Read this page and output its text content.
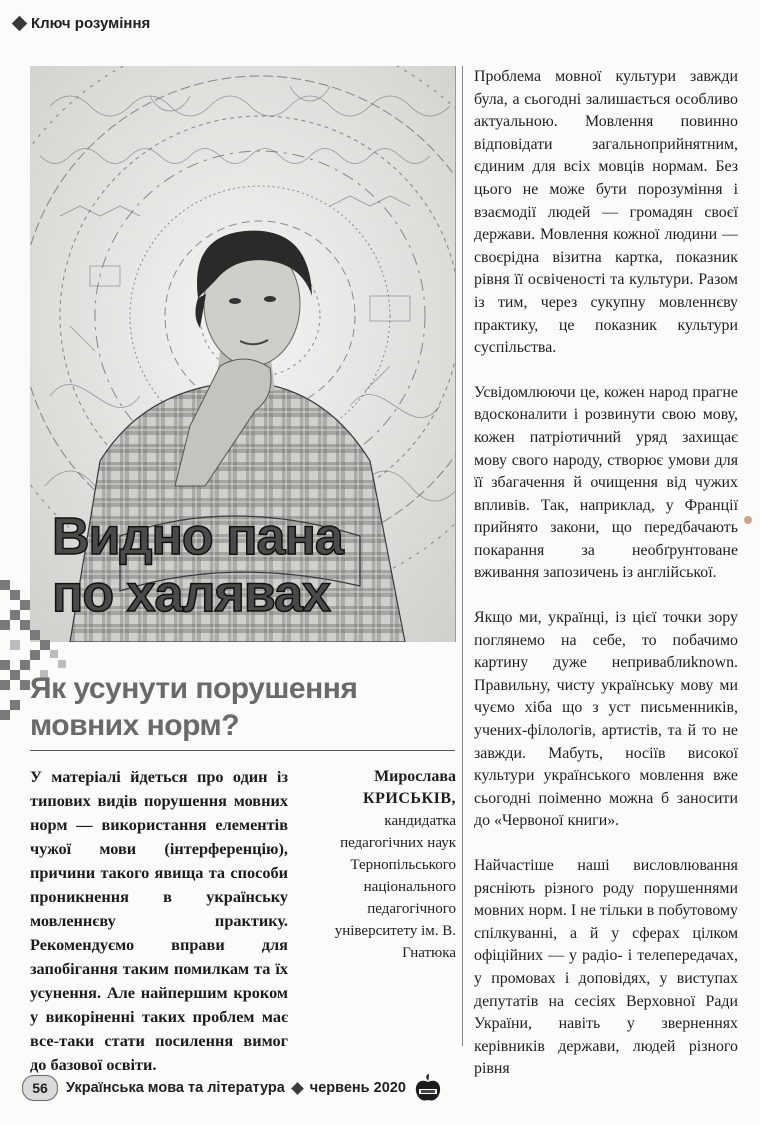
Ключ розуміння
Видно пана
по халявах
Як усунути порушення мовних норм?
У матеріалі йдеться про один із типових видів порушення мовних норм — використання елементів чужої мови (інтерференцію), причини такого явища та способи проникнення в українську мовленнєву практику. Рекомендуємо вправи для запобігання таким помилкам та їх усунення. Але найпершим кроком у викоріненні таких проблем має все-таки стати посилення вимог до базової освіти.
Мирослава
КРИСЬКІВ,
кандидатка педагогічних наук Тернопільського національного педагогічного університету ім. В. Гнатюка

Проблема мовної культури завжди була, а сьогодні залишається особливо актуальною. Мовлення повинно відповідати загальноприйнятним, єдиним для всіх мовців нормам. Без цього не може бути порозуміння і взаємодії людей — громадян своєї держави. Мовлення кожної людини — своєрідна візитна картка, показник рівня її освіченості та культури. Разом із тим, через сукупну мовленнєву практику, це показник культури суспільства.

Усвідомлюючи це, кожен народ прагне вдосконалити і розвинути свою мову, кожен патріотичний уряд захищає мову свого народу, створює умови для її збагачення й очищення від чужих впливів. Так, наприклад, у Франції прийнято закони, що передбачають покарання за необґрунтоване вживання запозичень із англійської.

Якщо ми, українці, із цієї точки зору поглянемо на себе, то побачимо картину дуже неприваблиknown. Правильну, чисту українську мову ми чуємо хіба що з уст письменників, учених-філологів, артистів, та й то не завжди. Мабуть, носіїв високої культури українського мовлення вже сьогодні поіменно можна б заносити до «Червоної книги».

Найчастіше наші висловлювання рясніють різного роду порушеннями мовних норм. І не тільки в побутовому спілкуванні, а й у сферах цілком офіційних — у радіо- і телепередачах, у промовах і доповідях, у виступах депутатів на сесіях Верховної Ради України, навіть у зверненнях керівників держави, людей різного рівня

56	Українська мова та література червень 2020
